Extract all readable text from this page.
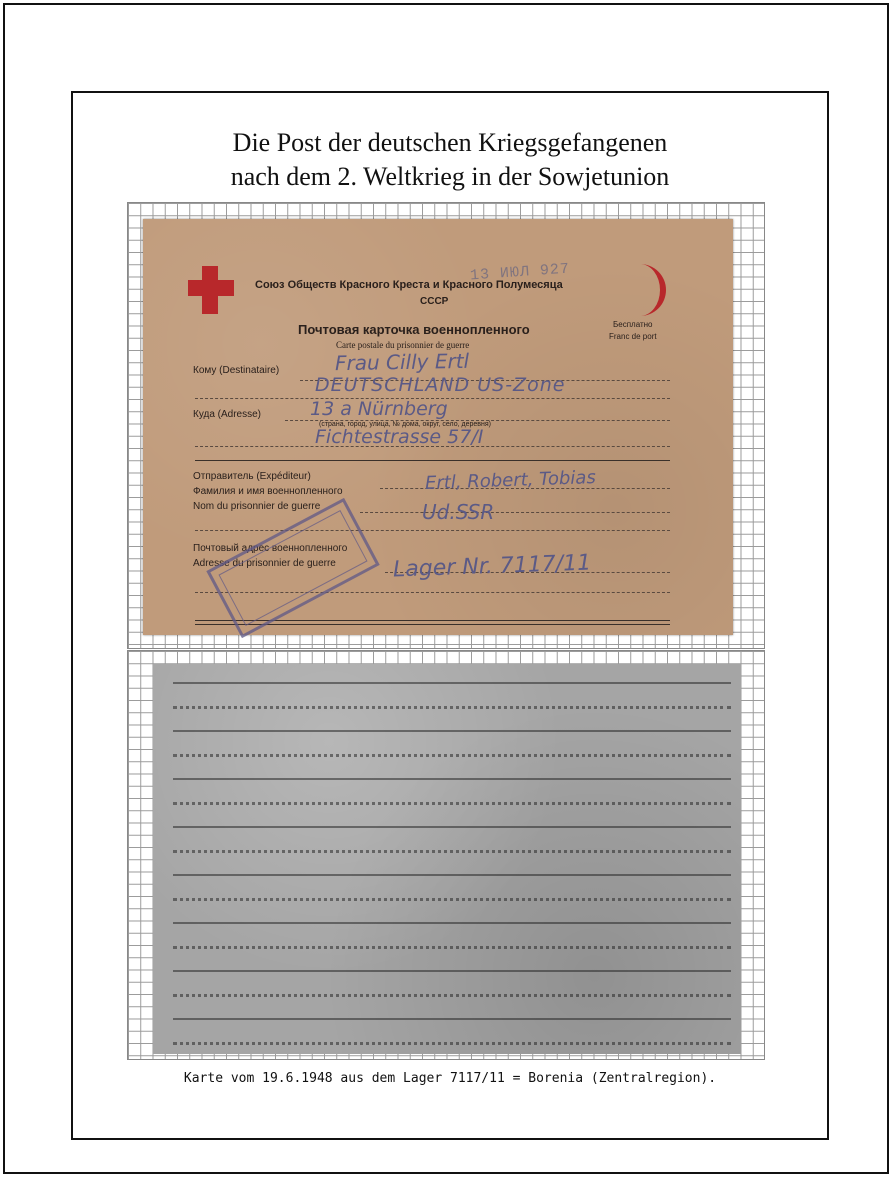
Die Post der deutschen Kriegsgefangenen
nach dem 2. Weltkrieg in der Sowjetunion
13 ИЮЛ 927
Союз Обществ Красного Креста и Красного Полумесяца
СССР
Бесплатно
Franc de port
Почтовая карточка военнопленного
Carte postale du prisonnier de guerre
Кому (Destinataire)
Куда (Adresse)
(страна, город, улица, № дома, округ, село, деревня)
Отправитель (Expéditeur)
Фамилия и имя военнопленного
Nom du prisonnier de guerre
Почтовый адрес военнопленного
Adresse du prisonnier de guerre
Frau Cilly Ertl
DEUTSCHLAND US-Zone
13 a Nürnberg
Fichtestrasse 57/I
Ertl, Robert, Tobias
Ud.SSR
Lager Nr. 7117/11
Karte vom 19.6.1948 aus dem Lager 7117/11 = Borenia (Zentralregion).
